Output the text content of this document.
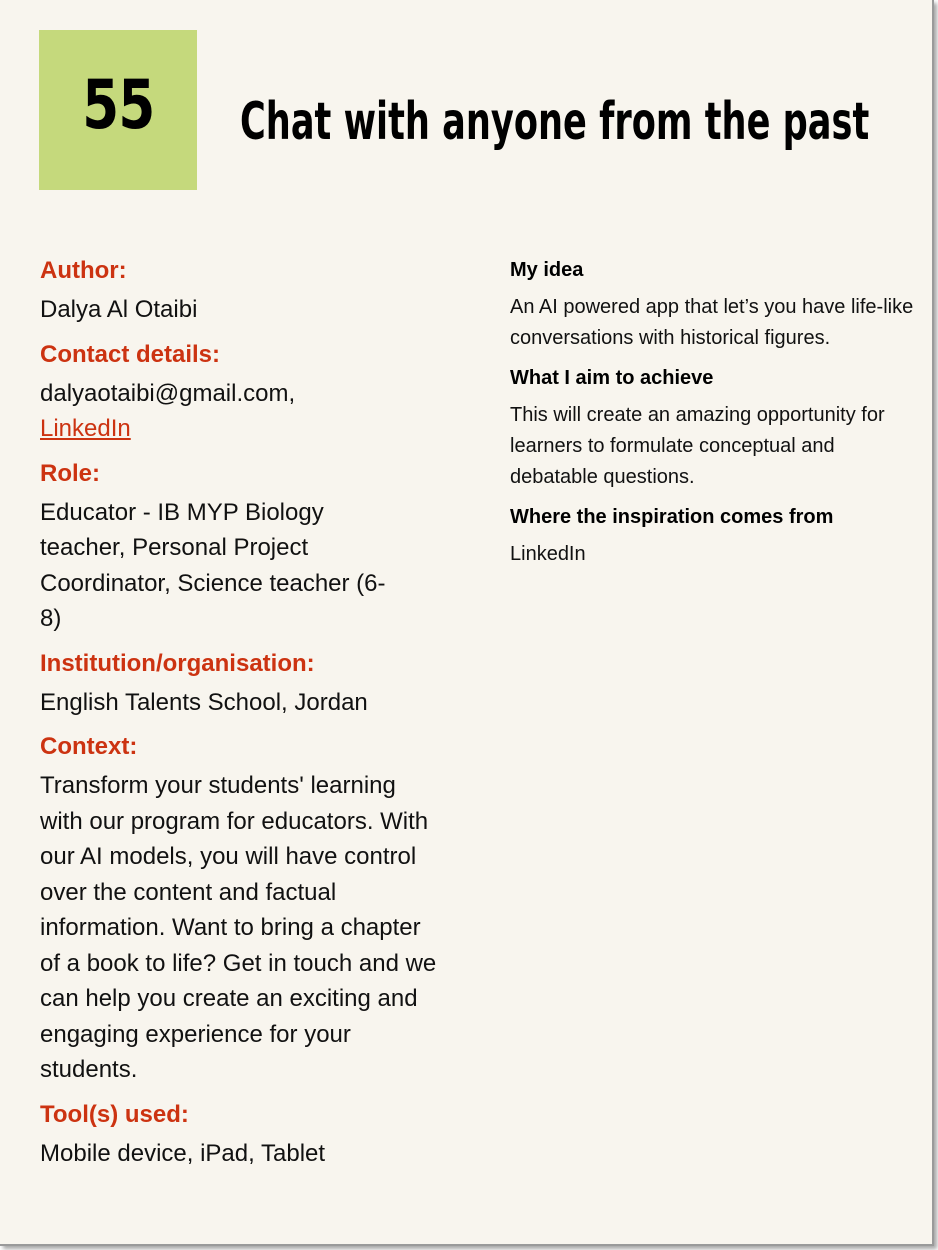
55 Chat with anyone from the past
Author:
Dalya Al Otaibi
Contact details:
dalyaotaibi@gmail.com,
LinkedIn
Role:
Educator - IB MYP Biology teacher, Personal Project Coordinator, Science teacher (6-8)
Institution/organisation:
English Talents School, Jordan
Context:
Transform your students' learning with our program for educators. With our AI models, you will have control over the content and factual information. Want to bring a chapter of a book to life? Get in touch and we can help you create an exciting and engaging experience for your students.
Tool(s) used:
Mobile device, iPad, Tablet
My idea
An AI powered app that let’s you have life-like conversations with historical figures.
What I aim to achieve
This will create an amazing opportunity for learners to formulate conceptual and debatable questions.
Where the inspiration comes from
LinkedIn
